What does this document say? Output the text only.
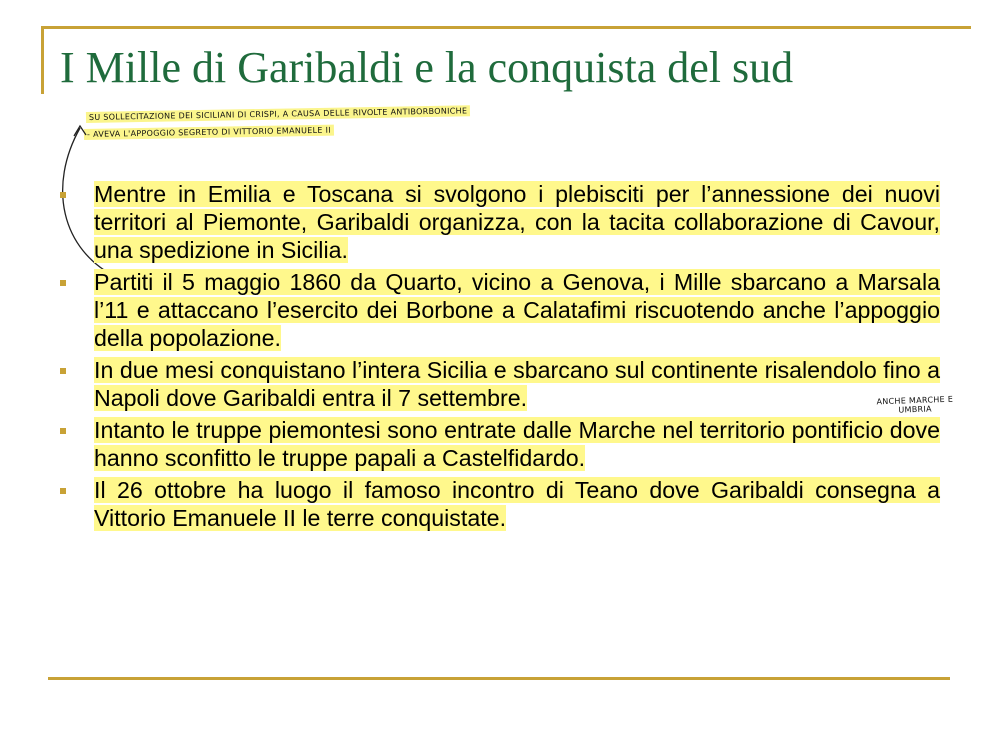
I Mille di Garibaldi e la conquista del sud

SU SOLLECITAZIONE DEI SICILIANI DI CRISPI, A CAUSA DELLE RIVOLTE ANTIBORBONICHE

- AVEVA L'APPOGGIO SEGRETO DI VITTORIO EMANUELE II

Mentre in Emilia e Toscana si svolgono i plebisciti per l’annessione dei nuovi territori al Piemonte, Garibaldi organizza, con la tacita collaborazione di Cavour, una spedizione in Sicilia.
Partiti il 5 maggio 1860 da Quarto, vicino a Genova, i Mille sbarcano a Marsala l’11 e attaccano l’esercito dei Borbone a Calatafimi riscuotendo anche l’appoggio della popolazione.
In due mesi conquistano l’intera Sicilia e sbarcano sul continente risalendolo fino a Napoli dove Garibaldi entra il 7 settembre.
Intanto le truppe piemontesi sono entrate dalle Marche nel territorio pontificio dove hanno sconfitto le truppe papali a Castelfidardo.
Il 26 ottobre ha luogo il famoso incontro di Teano dove Garibaldi consegna a Vittorio Emanuele II le terre conquistate.

ANCHE MARCHE E UMBRIA
